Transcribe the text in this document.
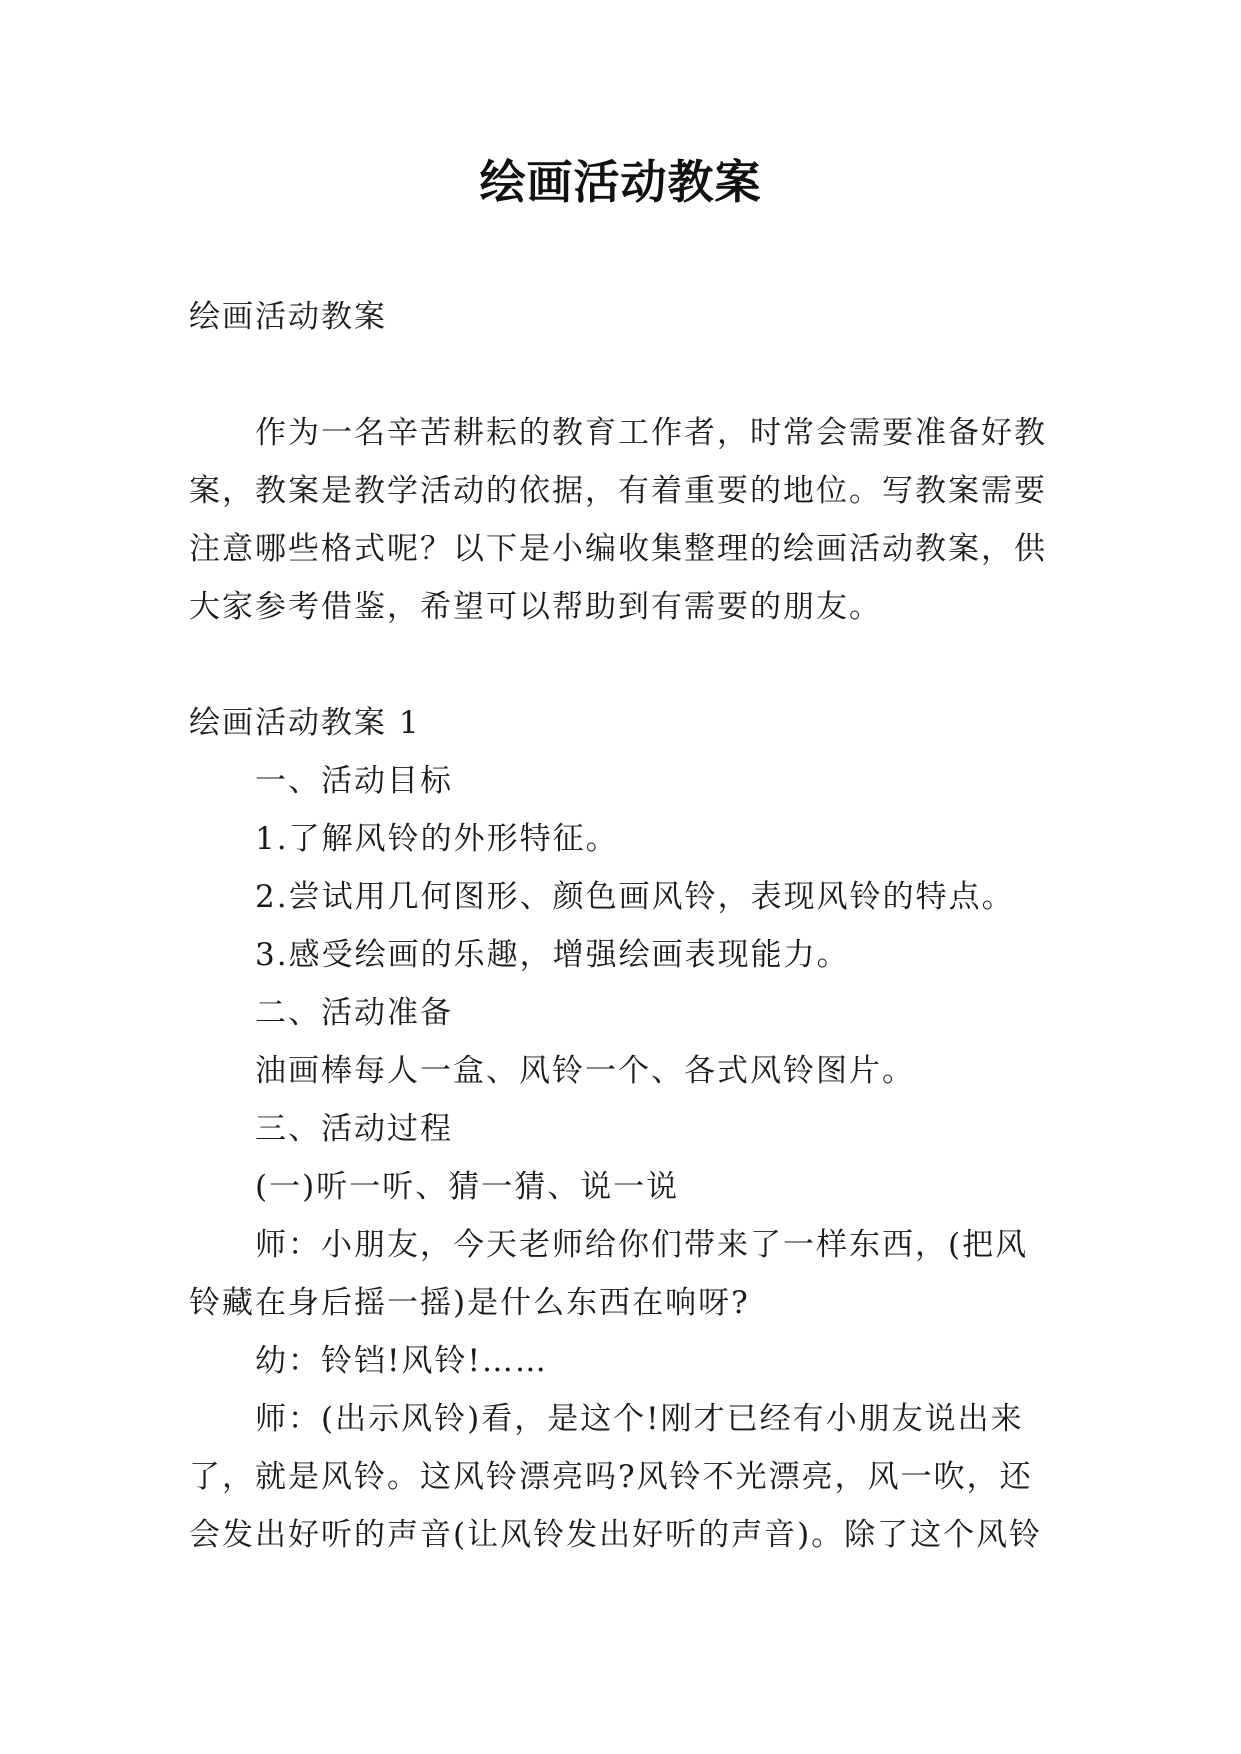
绘画活动教案

绘画活动教案

作为一名辛苦耕耘的教育工作者，时常会需要准备好教案，教案是教学活动的依据，有着重要的地位。写教案需要注意哪些格式呢？以下是小编收集整理的绘画活动教案，供大家参考借鉴，希望可以帮助到有需要的朋友。

绘画活动教案 1

一、活动目标

1.了解风铃的外形特征。

2.尝试用几何图形、颜色画风铃，表现风铃的特点。

3.感受绘画的乐趣，增强绘画表现能力。

二、活动准备

油画棒每人一盒、风铃一个、各式风铃图片。

三、活动过程

(一)听一听、猜一猜、说一说

师：小朋友，今天老师给你们带来了一样东西，(把风铃藏在身后摇一摇)是什么东西在响呀?

幼：铃铛!风铃!……

师：(出示风铃)看，是这个!刚才已经有小朋友说出来了，就是风铃。这风铃漂亮吗?风铃不光漂亮，风一吹，还会发出好听的声音(让风铃发出好听的声音)。除了这个风铃
